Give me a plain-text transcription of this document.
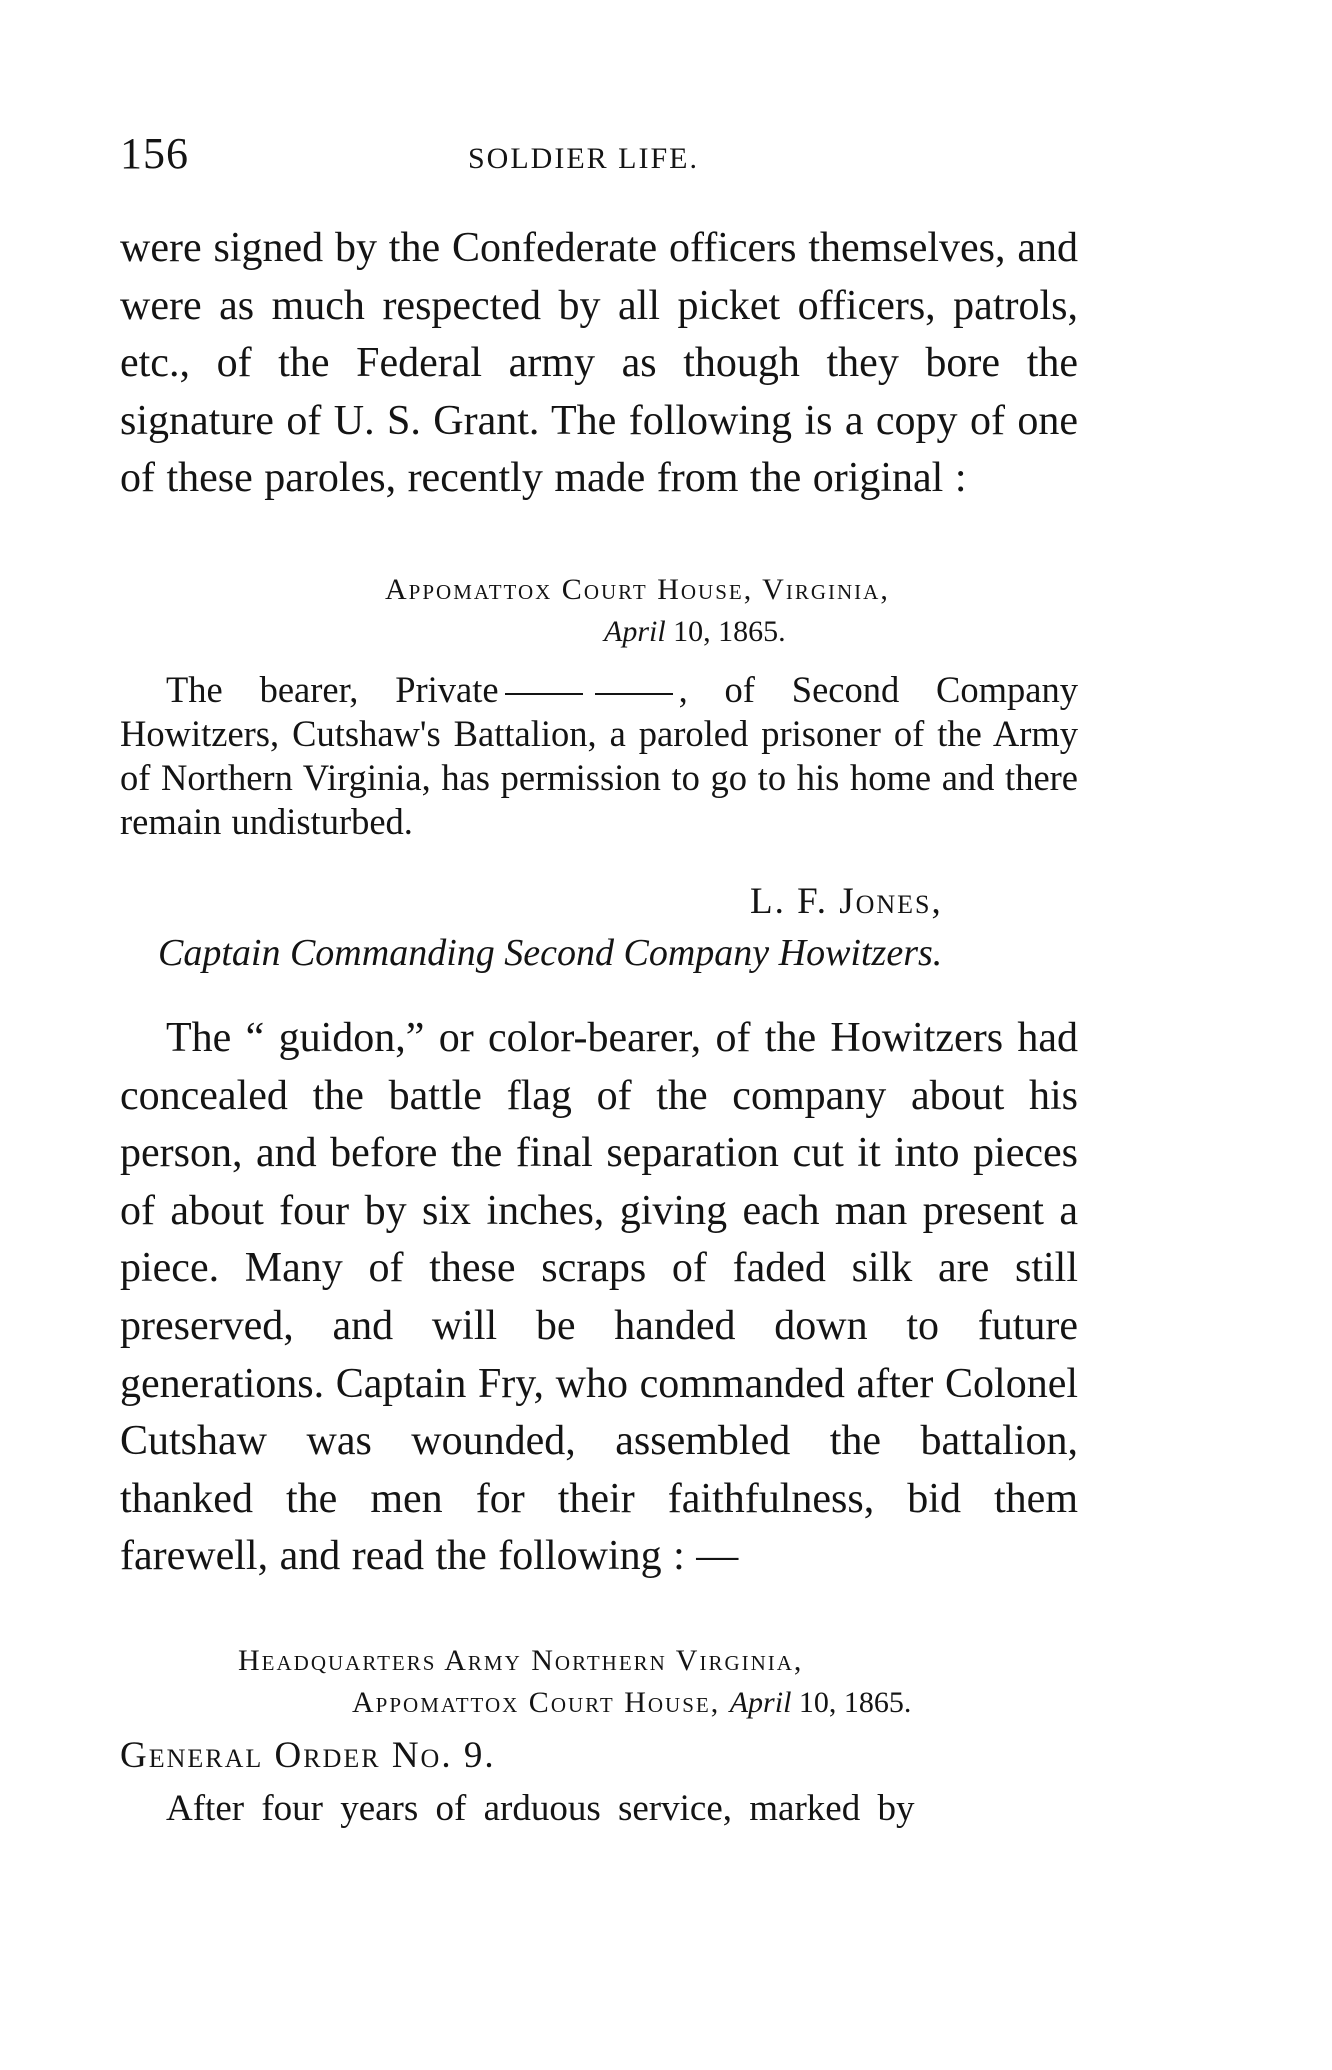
156	SOLDIER LIFE.

were signed by the Confederate officers themselves, and were as much respected by all picket officers, patrols, etc., of the Federal army as though they bore the signature of U. S. Grant. The following is a copy of one of these paroles, recently made from the original :

Appomattox Court House, Virginia,
April 10, 1865.

The bearer, Private	, of Second Company Howitzers, Cutshaw's Battalion, a paroled prisoner of the Army of Northern Virginia, has permission to go to his home and there remain undisturbed.

L. F. Jones,
Captain Commanding Second Company Howitzers.

The “ guidon,” or color-bearer, of the Howitzers had concealed the battle flag of the company about his person, and before the final separation cut it into pieces of about four by six inches, giving each man present a piece. Many of these scraps of faded silk are still preserved, and will be handed down to future generations. Captain Fry, who commanded after Colonel Cutshaw was wounded, assembled the battalion, thanked the men for their faithfulness, bid them farewell, and read the following : —

Headquarters Army Northern Virginia,
Appomattox Court House, April 10, 1865.
General Order No. 9.
After four years of arduous service, marked by
